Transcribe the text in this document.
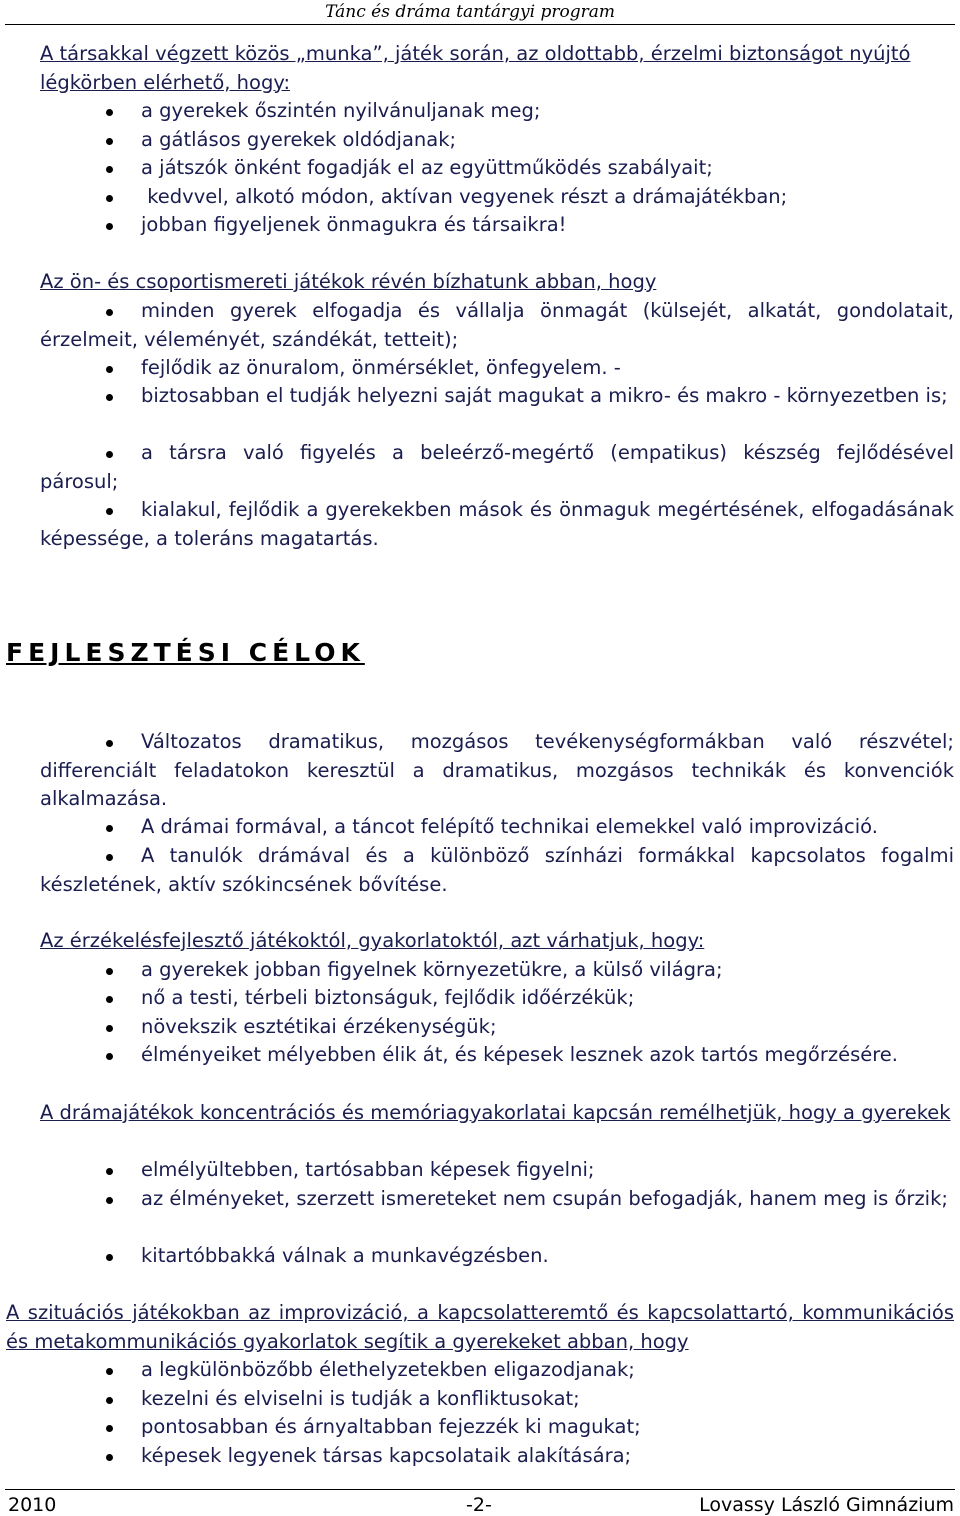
Tánc és dráma tantárgyi program
A társakkal végzett közös „munka”, játék során, az oldottabb, érzelmi biztonságot nyújtó légkörben elérhető, hogy:
a gyerekek őszintén nyilvánuljanak meg;
a gátlásos gyerekek oldódjanak;
a játszók önként fogadják el az együttműködés szabályait;
kedvvel, alkotó módon, aktívan vegyenek részt a drámajátékban;
jobban figyeljenek önmagukra és társaikra!
Az ön- és csoportismereti játékok révén bízhatunk abban, hogy
minden gyerek elfogadja és vállalja önmagát (külsejét, alkatát, gondolatait, érzelmeit, véleményét, szándékát, tetteit);
fejlődik az önuralom, önmérséklet, önfegyelem. -
biztosabban el tudják helyezni saját magukat a mikro- és makro - környezetben is;
a társra való figyelés a beleérző-megértő (empatikus) készség fejlődésével párosul;
kialakul, fejlődik a gyerekekben mások és önmaguk megértésének, elfogadásának képessége, a toleráns magatartás.
FEJLESZTÉSI CÉLOK
Változatos dramatikus, mozgásos tevékenységformákban való részvétel; differenciált feladatokon keresztül a dramatikus, mozgásos technikák és konvenciók alkalmazása.
A drámai formával, a táncot felépítő technikai elemekkel való improvizáció.
A tanulók drámával és a különböző színházi formákkal kapcsolatos fogalmi készletének, aktív szókincsének bővítése.
Az érzékelésfejlesztő játékoktól, gyakorlatoktól, azt várhatjuk, hogy:
a gyerekek jobban figyelnek környezetükre, a külső világra;
nő a testi, térbeli biztonságuk, fejlődik időérzékük;
növekszik esztétikai érzékenységük;
élményeiket mélyebben élik át, és képesek lesznek azok tartós megőrzésére.
A drámajátékok koncentrációs és memóriagyakorlatai kapcsán remélhetjük, hogy a gyerekek
elmélyültebben, tartósabban képesek figyelni;
az élményeket, szerzett ismereteket nem csupán befogadják, hanem meg is őrzik;
kitartóbbakká válnak a munkavégzésben.
A szituációs játékokban az improvizáció, a kapcsolatteremtő és kapcsolattartó, kommunikációs és metakommunikációs gyakorlatok segítik a gyerekeket abban, hogy
a legkülönbözőbb élethelyzetekben eligazodjanak;
kezelni és elviselni is tudják a konfliktusokat;
pontosabban és árnyaltabban fejezzék ki magukat;
képesek legyenek társas kapcsolataik alakítására;
2010	-2-	Lovassy László Gimnázium
